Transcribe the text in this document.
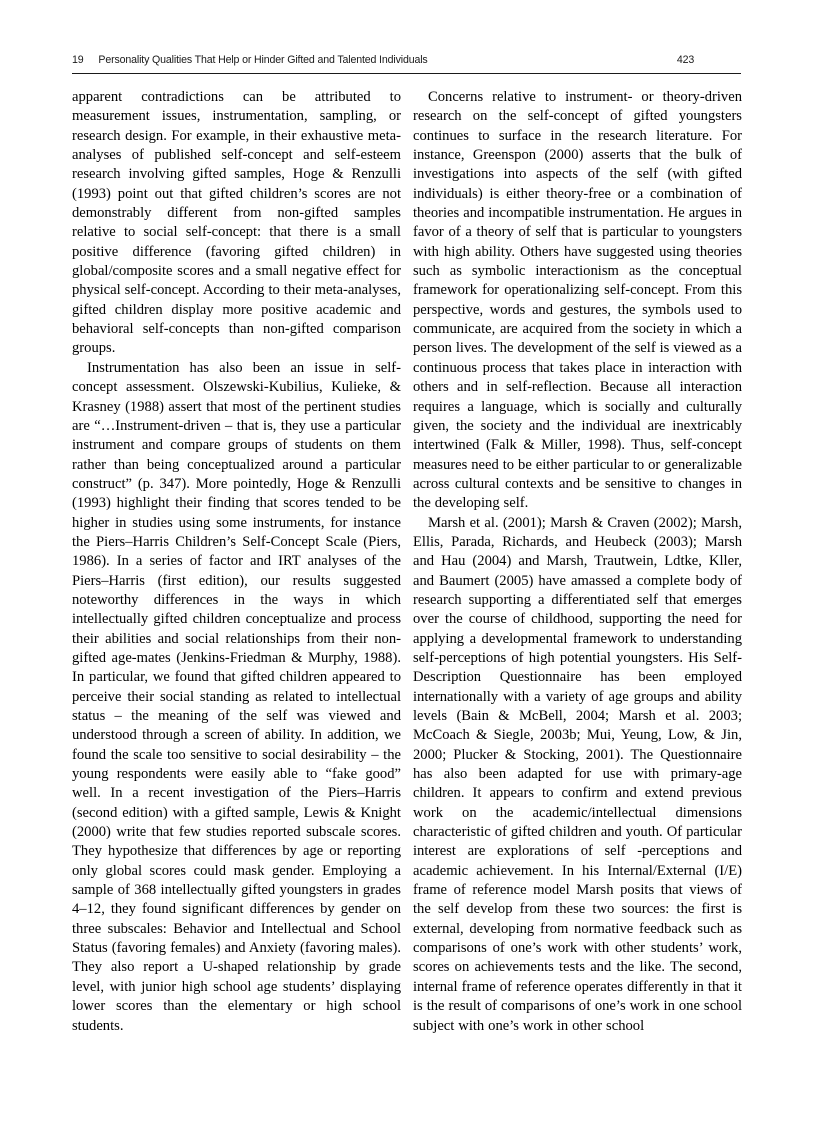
19 Personality Qualities That Help or Hinder Gifted and Talented Individuals	423

apparent contradictions can be attributed to measurement issues, instrumentation, sampling, or research design. For example, in their exhaustive meta-analyses of published self-concept and self-esteem research involving gifted samples, Hoge & Renzulli (1993) point out that gifted children’s scores are not demonstrably different from non-gifted samples relative to social self-concept: that there is a small positive difference (favoring gifted children) in global/composite scores and a small negative effect for physical self-concept. According to their meta-analyses, gifted children display more positive academic and behavioral self-concepts than non-gifted comparison groups.

Instrumentation has also been an issue in self-concept assessment. Olszewski-Kubilius, Kulieke, & Krasney (1988) assert that most of the pertinent studies are “…Instrument-driven – that is, they use a particular instrument and compare groups of students on them rather than being conceptualized around a particular construct” (p. 347). More pointedly, Hoge & Renzulli (1993) highlight their finding that scores tended to be higher in studies using some instruments, for instance the Piers–Harris Children’s Self-Concept Scale (Piers, 1986). In a series of factor and IRT analyses of the Piers–Harris (first edition), our results suggested noteworthy differences in the ways in which intellectually gifted children conceptualize and process their abilities and social relationships from their non-gifted age-mates (Jenkins-Friedman & Murphy, 1988). In particular, we found that gifted children appeared to perceive their social standing as related to intellectual status – the meaning of the self was viewed and understood through a screen of ability. In addition, we found the scale too sensitive to social desirability – the young respondents were easily able to “fake good” well. In a recent investigation of the Piers–Harris (second edition) with a gifted sample, Lewis & Knight (2000) write that few studies reported subscale scores. They hypothesize that differences by age or reporting only global scores could mask gender. Employing a sample of 368 intellectually gifted youngsters in grades 4–12, they found significant differences by gender on three subscales: Behavior and Intellectual and School Status (favoring females) and Anxiety (favoring males). They also report a U-shaped relationship by grade level, with junior high school age students’ displaying lower scores than the elementary or high school students.

Concerns relative to instrument- or theory-driven research on the self-concept of gifted youngsters continues to surface in the research literature. For instance, Greenspon (2000) asserts that the bulk of investigations into aspects of the self (with gifted individuals) is either theory-free or a combination of theories and incompatible instrumentation. He argues in favor of a theory of self that is particular to youngsters with high ability. Others have suggested using theories such as symbolic interactionism as the conceptual framework for operationalizing self-concept. From this perspective, words and gestures, the symbols used to communicate, are acquired from the society in which a person lives. The development of the self is viewed as a continuous process that takes place in interaction with others and in self-reflection. Because all interaction requires a language, which is socially and culturally given, the society and the individual are inextricably intertwined (Falk & Miller, 1998). Thus, self-concept measures need to be either particular to or generalizable across cultural contexts and be sensitive to changes in the developing self.

Marsh et al. (2001); Marsh & Craven (2002); Marsh, Ellis, Parada, Richards, and Heubeck (2003); Marsh and Hau (2004) and Marsh, Trautwein, Ldtke, Kller, and Baumert (2005) have amassed a complete body of research supporting a differentiated self that emerges over the course of childhood, supporting the need for applying a developmental framework to understanding self-perceptions of high potential youngsters. His Self-Description Questionnaire has been employed internationally with a variety of age groups and ability levels (Bain & McBell, 2004; Marsh et al. 2003; McCoach & Siegle, 2003b; Mui, Yeung, Low, & Jin, 2000; Plucker & Stocking, 2001). The Questionnaire has also been adapted for use with primary-age children. It appears to confirm and extend previous work on the academic/intellectual dimensions characteristic of gifted children and youth. Of particular interest are explorations of self -perceptions and academic achievement. In his Internal/External (I/E) frame of reference model Marsh posits that views of the self develop from these two sources: the first is external, developing from normative feedback such as comparisons of one’s work with other students’ work, scores on achievements tests and the like. The second, internal frame of reference operates differently in that it is the result of comparisons of one’s work in one school subject with one’s work in other school
